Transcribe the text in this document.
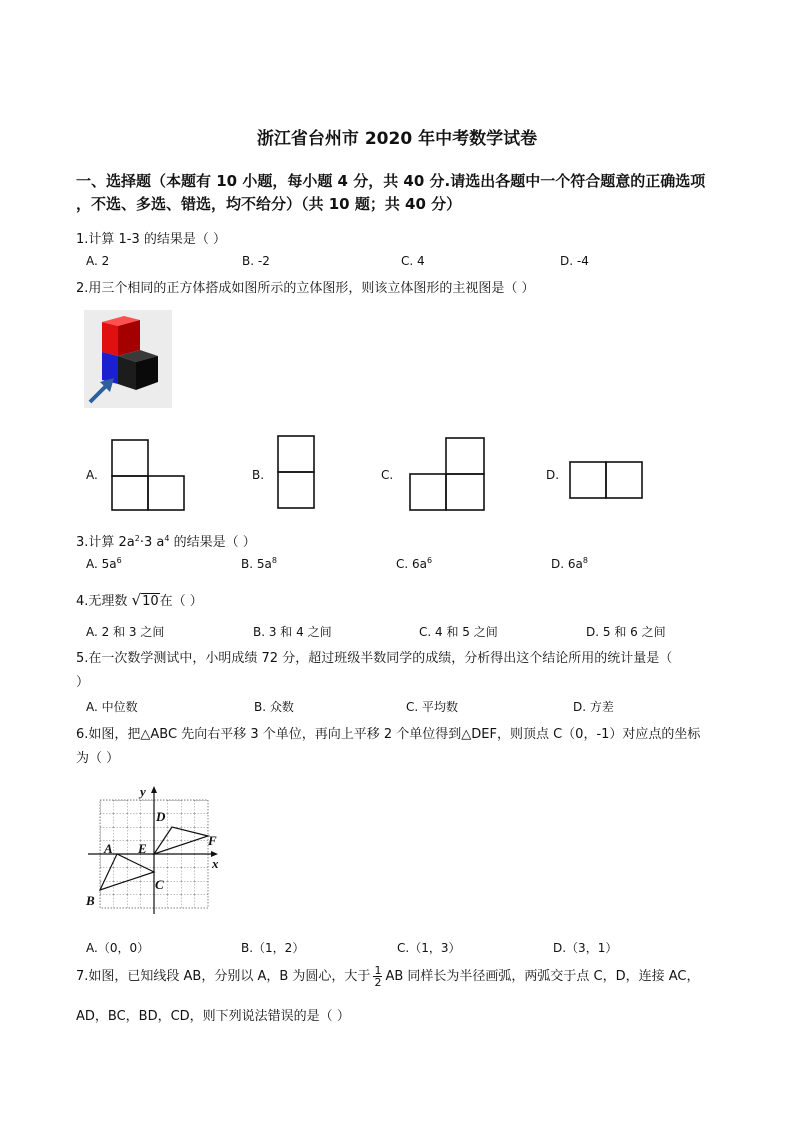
浙江省台州市 2020 年中考数学试卷
一、选择题（本题有 10 小题，每小题 4 分，共 40 分.请选出各题中一个符合题意的正确选项
，不选、多选、错选，均不给分）（共 10 题；共 40 分）
1.计算 1-3 的结果是（ ）
A. 2	B. -2	C. 4	D. -4
2.用三个相同的正方体搭成如图所示的立体图形，则该立体图形的主视图是（ ）
A.	B.	C.	D.
3.计算 $2a^2\cdot 3$ $a^4$ 的结果是（ ）
A. $5a^6$	B. $5a^8$	C. $6a^6$	D. $6a^8$
4.无理数 √10在（ ）
A. 2 和 3 之间	B. 3 和 4 之间	C. 4 和 5 之间	D. 5 和 6 之间
5.在一次数学测试中，小明成绩 72 分，超过班级半数同学的成绩，分析得出这个结论所用的统计量是（
）
A. 中位数	B. 众数	C. 平均数	D. 方差
6.如图，把△ABC 先向右平移 3 个单位，再向上平移 2 个单位得到△DEF，则顶点 C（0，-1）对应点的坐标
为（ ）
y
x
A
B
C
D
E
F
A.（0，0）	B.（1，2）	C.（1，3）	D.（3，1）
7.如图，已知线段 AB，分别以 A，B 为圆心，大于 $\frac{1}{2}$ AB 同样长为半径画弧，两弧交于点 C，D，连接 AC，
AD，BC，BD，CD，则下列说法错误的是（ ）
